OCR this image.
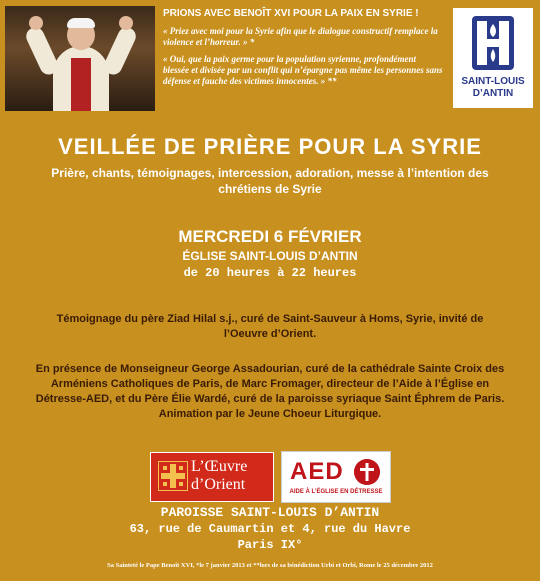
PRIONS AVEC BENOÎT XVI POUR LA PAIX EN SYRIE !
« Priez avec moi pour la Syrie afin que le dialogue constructif remplace la violence et l’horreur. » *
« Oui, que la paix germe pour la population syrienne, profondément blessée et divisée par un conflit qui n’épargne pas même les personnes sans défense et fauche des victimes innocentes. » **	SAINT-LOUIS
D’ANTIN
VEILLÉE DE PRIÈRE POUR LA SYRIE
Prière, chants, témoignages, intercession, adoration, messe à l’intention des chrétiens de Syrie
MERCREDI 6 FÉVRIER
ÉGLISE SAINT-LOUIS D’ANTIN
de 20 heures à 22 heures
Témoignage du père Ziad Hilal s.j., curé de Saint-Sauveur à Homs, Syrie, invité de l’Oeuvre d’Orient.
En présence de Monseigneur George Assadourian, curé de la cathédrale Sainte Croix des Arméniens Catholiques de Paris, de Marc Fromager, directeur de l’Aide à l’Église en Détresse-AED, et du Père Élie Wardé, curé de la paroisse syriaque Saint Éphrem de Paris. Animation par le Jeune Choeur Liturgique.
L’Œuvre
d’Orient	AED
AIDE À L’ÉGLISE EN DÉTRESSE
PAROISSE SAINT-LOUIS D’ANTIN
63, rue de Caumartin et 4, rue du Havre
Paris IX°
Sa Sainteté le Pape Benoît XVI, *le 7 janvier 2013 et **lors de sa bénédiction Urbi et Orbi, Rome le 25 décembre 2012
